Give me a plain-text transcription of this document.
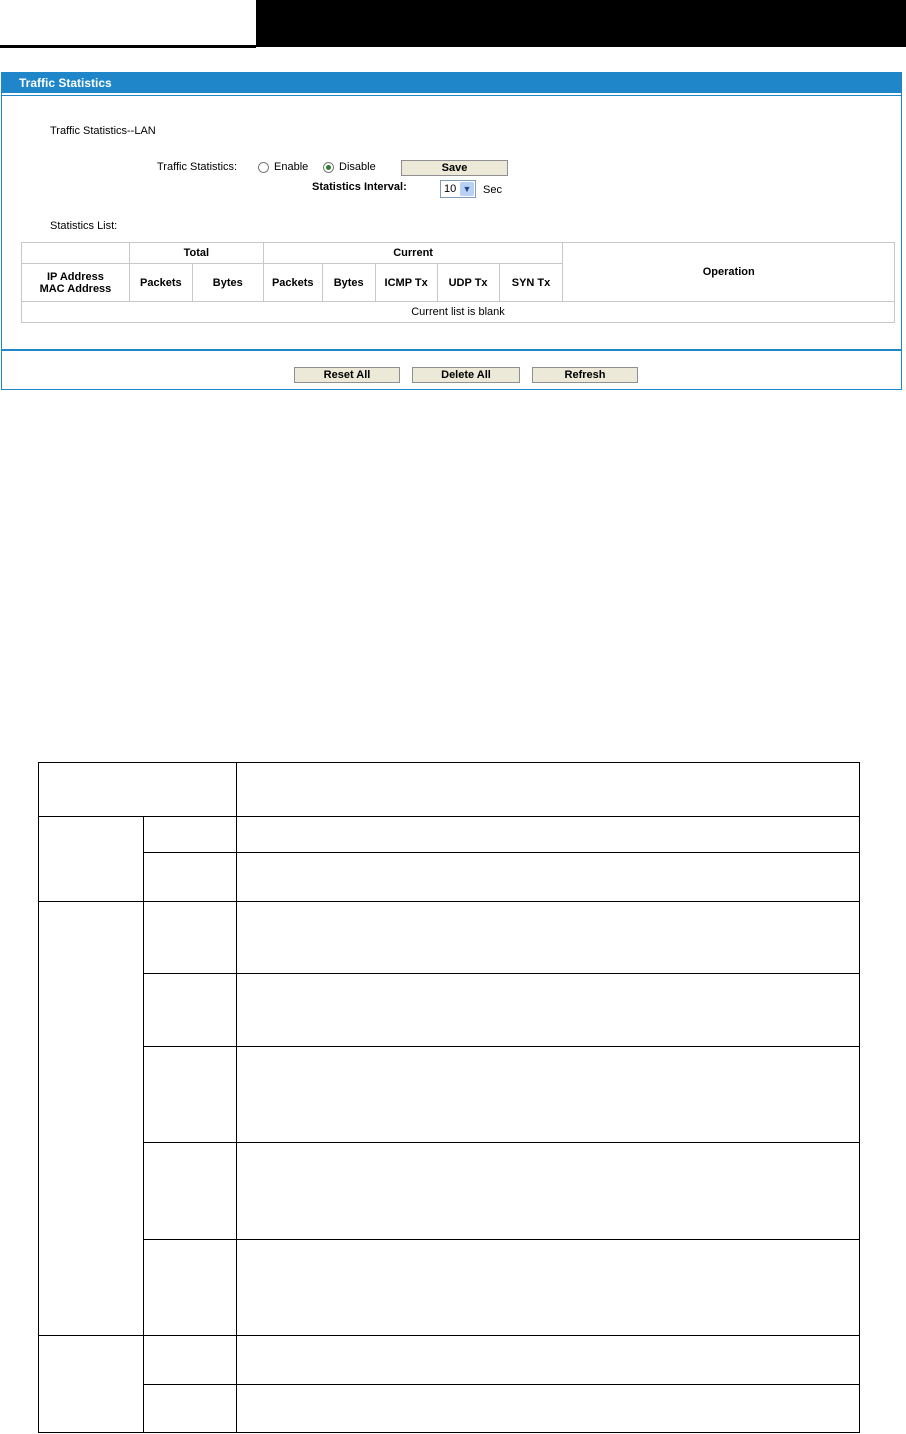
Traffic Statistics
Traffic Statistics--LAN
Traffic Statistics:	Enable	Disable	Save
Statistics Interval:	10 ▼ Sec
Statistics List:
	Total		Current					Operation

IP Address
MAC Address	Packets	Bytes	Packets	Bytes	ICMP Tx	UDP Tx	SYN Tx	
Current list is blank								
Reset All	Delete All	Refresh
